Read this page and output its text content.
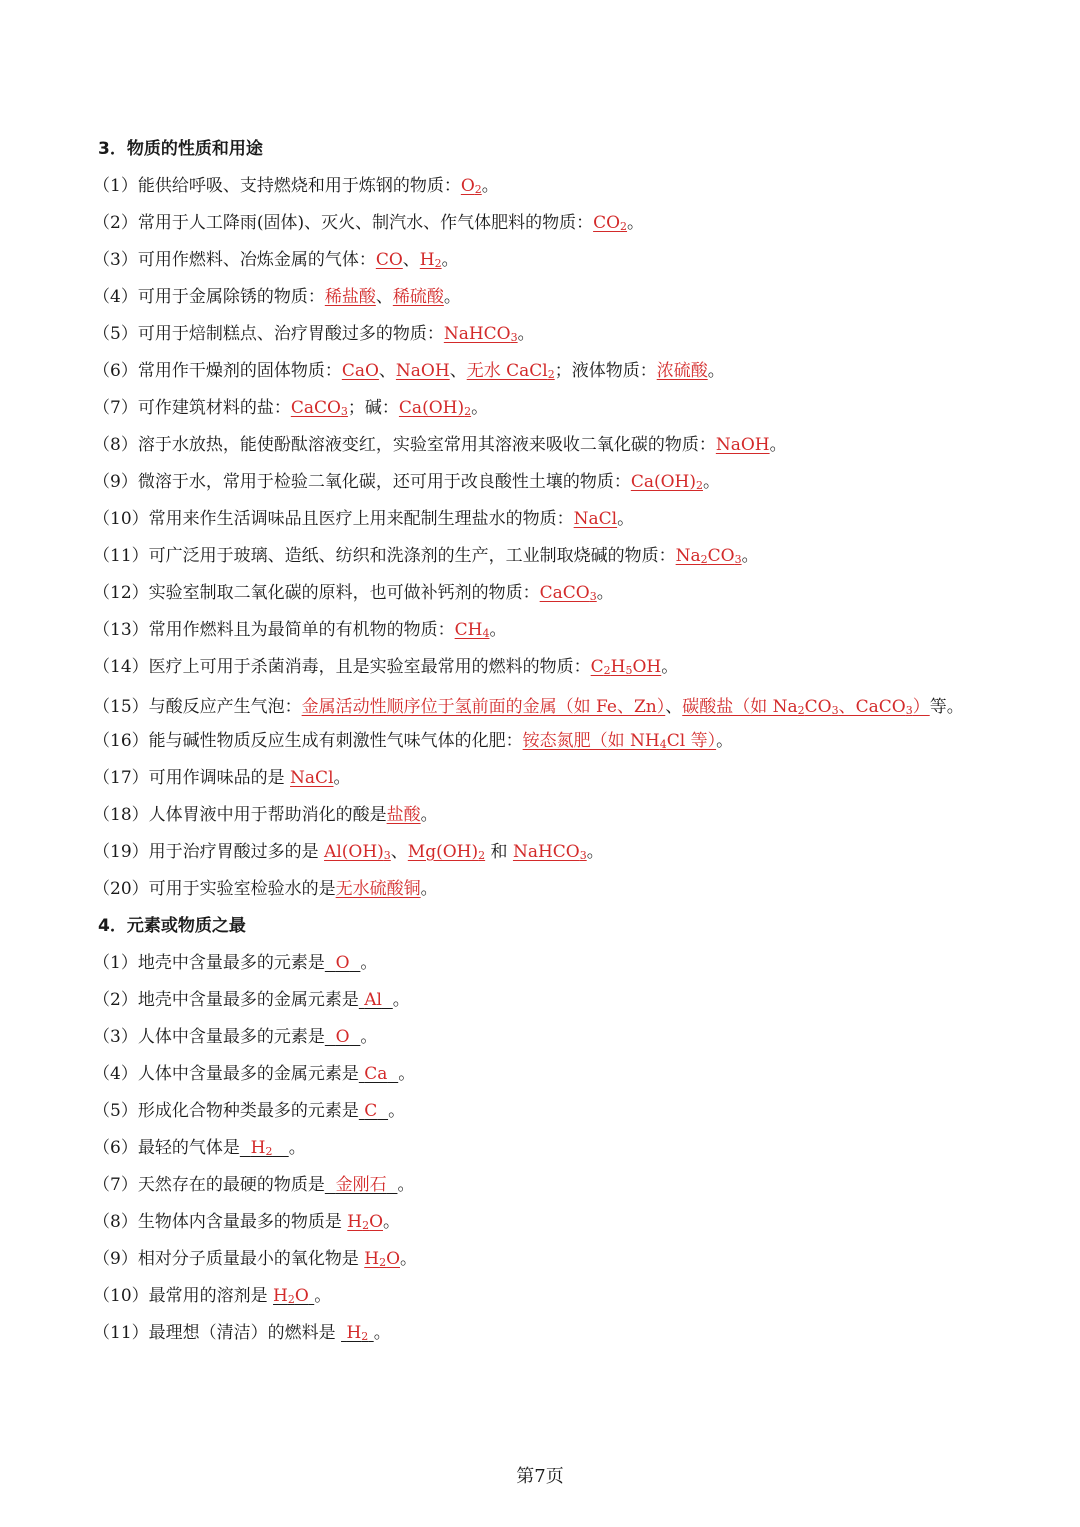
3．物质的性质和用途
（1）能供给呼吸、支持燃烧和用于炼钢的物质：$O_2$。
（2）常用于人工降雨(固体)、灭火、制汽水、作气体肥料的物质：$CO_2$。
（3）可用作燃料、冶炼金属的气体：CO、$H_2$。
（4）可用于金属除锈的物质：稀盐酸、稀硫酸。
（5）可用于焙制糕点、治疗胃酸过多的物质：NaHCO$_3$。
（6）常用作干燥剂的固体物质：CaO、NaOH、无水 CaCl$_2$；液体物质：浓硫酸。
（7）可作建筑材料的盐：CaCO$_3$；碱：$Ca(OH)_2$。
（8）溶于水放热，能使酚酞溶液变红，实验室常用其溶液来吸收二氧化碳的物质：NaOH。
（9）微溶于水，常用于检验二氧化碳，还可用于改良酸性土壤的物质：$Ca(OH)_2$。
（10）常用来作生活调味品且医疗上用来配制生理盐水的物质：NaCl。
（11）可广泛用于玻璃、造纸、纺织和洗涤剂的生产，工业制取烧碱的物质：$Na_2CO_3$。
（12）实验室制取二氧化碳的原料，也可做补钙剂的物质：CaCO$_3$。
（13）常用作燃料且为最简单的有机物的物质：$CH_4$。
（14）医疗上可用于杀菌消毒，且是实验室最常用的燃料的物质：$C_2H_5OH$。
（15）与酸反应产生气泡：金属活动性顺序位于氢前面的金属（如 Fe、Zn）、碳酸盐（如 $Na_2CO_3$、CaCO$_3$）等。
（16）能与碱性物质反应生成有刺激性气味气体的化肥：铵态氮肥（如 $NH_4Cl$ 等）。
（17）可用作调味品的是 NaCl。
（18）人体胃液中用于帮助消化的酸是盐酸。
（19）用于治疗胃酸过多的是 $Al(OH)_3$、$Mg(OH)_2$ 和 NaHCO$_3$。
（20）可用于实验室检验水的是无水硫酸铜。
4．元素或物质之最
（1）地壳中含量最多的元素是 O 。
（2）地壳中含量最多的金属元素是 Al 。
（3）人体中含量最多的元素是 O 。
（4）人体中含量最多的金属元素是 Ca 。
（5）形成化合物种类最多的元素是 C 。
（6）最轻的气体是 $H_2$ 。
（7）天然存在的最硬的物质是 金刚石 。
（8）生物体内含量最多的物质是 $H_2O$。
（9）相对分子质量最小的氧化物是 $H_2O$。
（10）最常用的溶剂是 $H_2O$ 。
（11）最理想（清洁）的燃料是  $H_2$ 。
第7页
